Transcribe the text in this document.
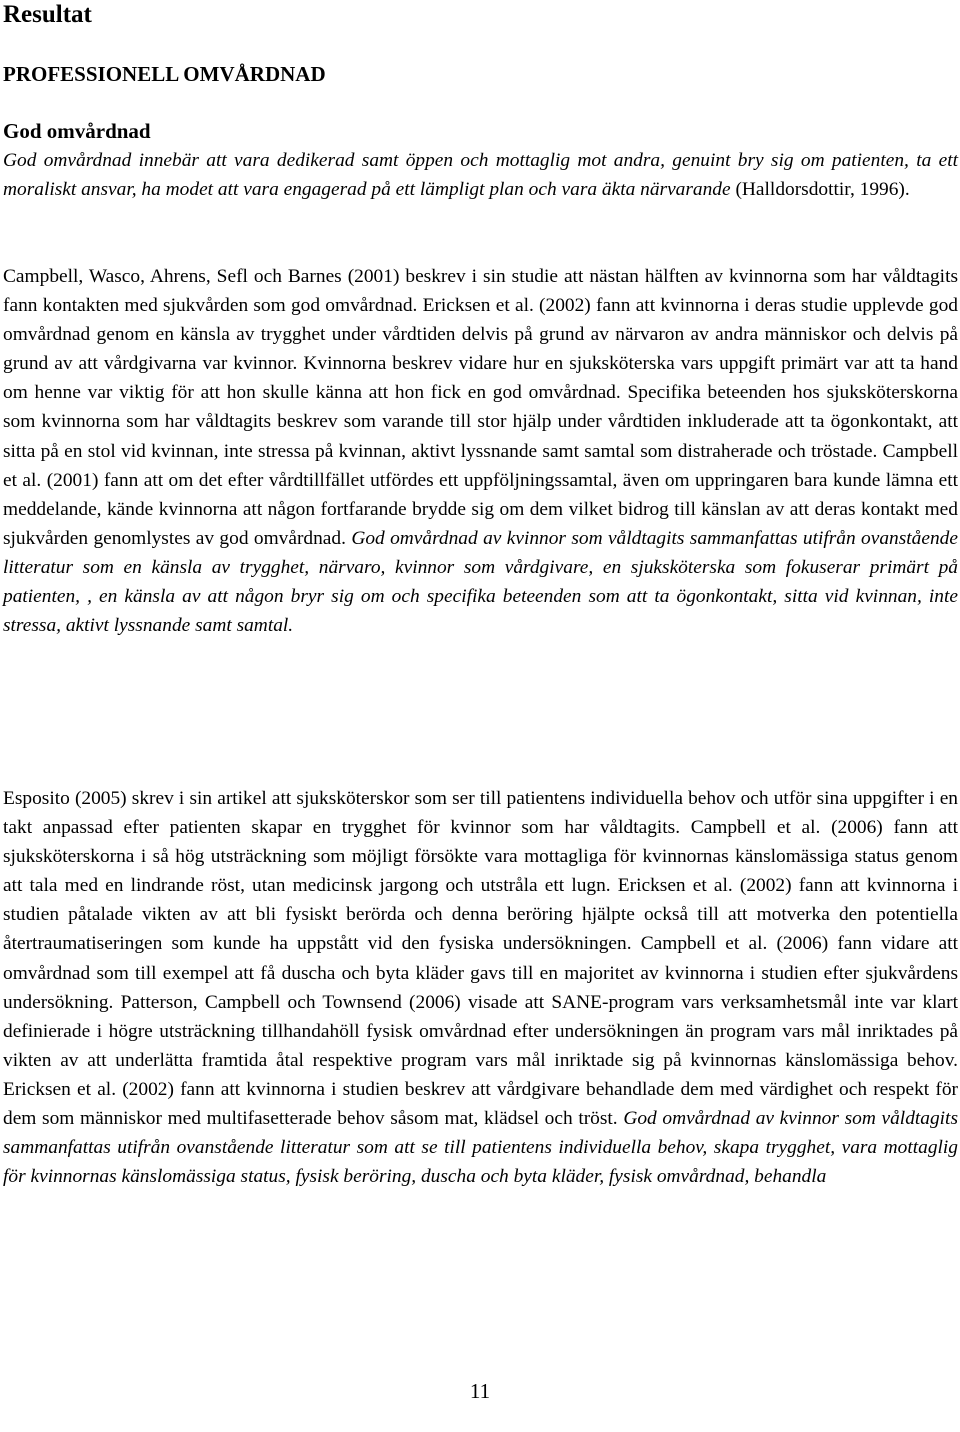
Resultat
PROFESSIONELL OMVÅRDNAD
God omvårdnad

God omvårdnad innebär att vara dedikerad samt öppen och mottaglig mot andra, genuint bry sig om patienten, ta ett moraliskt ansvar, ha modet att vara engagerad på ett lämpligt plan och vara äkta närvarande (Halldorsdottir, 1996).

Campbell, Wasco, Ahrens, Sefl och Barnes (2001) beskrev i sin studie att nästan hälften av kvinnorna som har våldtagits fann kontakten med sjukvården som god omvårdnad. Ericksen et al. (2002) fann att kvinnorna i deras studie upplevde god omvårdnad genom en känsla av trygghet under vårdtiden delvis på grund av närvaron av andra människor och delvis på grund av att vårdgivarna var kvinnor. Kvinnorna beskrev vidare hur en sjuksköterska vars uppgift primärt var att ta hand om henne var viktig för att hon skulle känna att hon fick en god omvårdnad. Specifika beteenden hos sjuksköterskorna som kvinnorna som har våldtagits beskrev som varande till stor hjälp under vårdtiden inkluderade att ta ögonkontakt, att sitta på en stol vid kvinnan, inte stressa på kvinnan, aktivt lyssnande samt samtal som distraherade och tröstade. Campbell et al. (2001) fann att om det efter vårdtillfället utfördes ett uppföljningssamtal, även om uppringaren bara kunde lämna ett meddelande, kände kvinnorna att någon fortfarande brydde sig om dem vilket bidrog till känslan av att deras kontakt med sjukvården genomlystes av god omvårdnad. God omvårdnad av kvinnor som våldtagits sammanfattas utifrån ovanstående litteratur som en känsla av trygghet, närvaro, kvinnor som vårdgivare, en sjuksköterska som fokuserar primärt på patienten, , en känsla av att någon bryr sig om och specifika beteenden som att ta ögonkontakt, sitta vid kvinnan, inte stressa, aktivt lyssnande samt samtal.

Esposito (2005) skrev i sin artikel att sjuksköterskor som ser till patientens individuella behov och utför sina uppgifter i en takt anpassad efter patienten skapar en trygghet för kvinnor som har våldtagits. Campbell et al. (2006) fann att sjuksköterskorna i så hög utsträckning som möjligt försökte vara mottagliga för kvinnornas känslomässiga status genom att tala med en lindrande röst, utan medicinsk jargong och utstråla ett lugn. Ericksen et al. (2002) fann att kvinnorna i studien påtalade vikten av att bli fysiskt berörda och denna beröring hjälpte också till att motverka den potentiella återtraumatiseringen som kunde ha uppstått vid den fysiska undersökningen. Campbell et al. (2006) fann vidare att omvårdnad som till exempel att få duscha och byta kläder gavs till en majoritet av kvinnorna i studien efter sjukvårdens undersökning. Patterson, Campbell och Townsend (2006) visade att SANE-program vars verksamhetsmål inte var klart definierade i högre utsträckning tillhandahöll fysisk omvårdnad efter undersökningen än program vars mål inriktades på vikten av att underlätta framtida åtal respektive program vars mål inriktade sig på kvinnornas känslomässiga behov. Ericksen et al. (2002) fann att kvinnorna i studien beskrev att vårdgivare behandlade dem med värdighet och respekt för dem som människor med multifasetterade behov såsom mat, klädsel och tröst. God omvårdnad av kvinnor som våldtagits sammanfattas utifrån ovanstående litteratur som att se till patientens individuella behov, skapa trygghet, vara mottaglig för kvinnornas känslomässiga status, fysisk beröring, duscha och byta kläder, fysisk omvårdnad, behandla

11
